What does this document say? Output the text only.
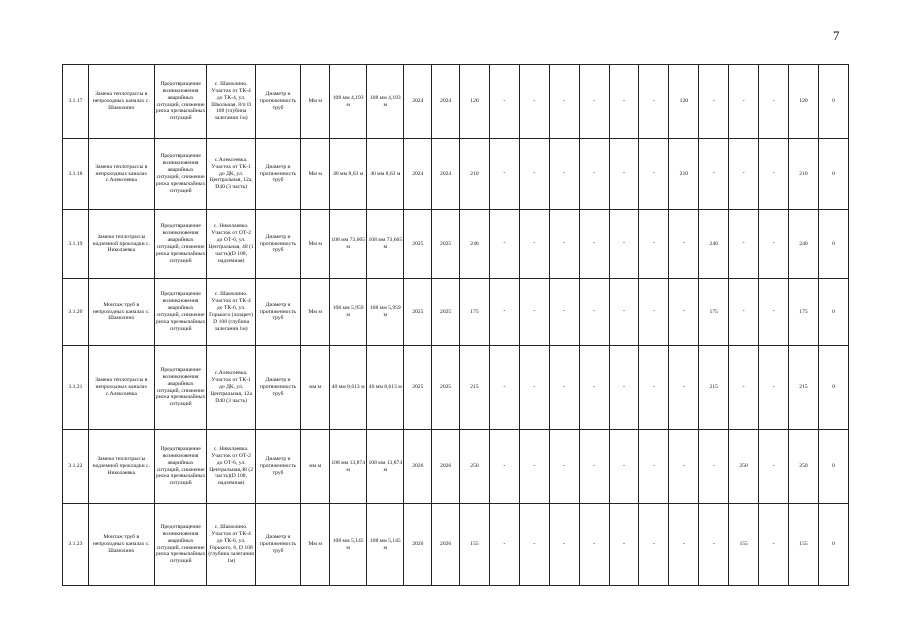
7
3.1.17	Замена теплотрассы в непроходных каналах с. Шамолино	Предотвращение возникновения аварийных ситуаций, снижение риска чрезвычайных ситуаций	с. Шамолино. Участок от ТК-4 до ТК-4, ул. Школьная, 8/п D 108 (глубина залегания 1м)	Диаметр и протяженность труб	Мм м	108 мм 4,193 м	108 мм 4,193 м	2024	2024	120	-	-	-	-	-	-	120	-	-	-	120	0
3.1.18	Замена теплотрассы в непроходных каналах с.Алексеевка	Предотвращение возникновения аварийных ситуаций, снижение риска чрезвычайных ситуаций	с.Алексеевка. Участок от ТК-1 до ДК, ул. Центральная, 12а, D40 (3 часть)	Диаметр и протяженность труб	Мм м	40 мм 8,63 м	40 мм 8,63 м	2024	2024	210	-	-	-	-	-	-	210	-	-	-	210	0
3.1.19	Замена теплотрассы надземной прокладки с. Николаевка	Предотвращение возникновения аварийных ситуаций, снижение риска чрезвычайных ситуаций	с. Николаевка. Участок от ОТ-2 до ОТ-6, ул. Центральная, 48 (1 часть)(D 108, надземная)	Диаметр и протяженность труб	Мм м	108 мм 73,665 м	108 мм 73,665 м	2025	2025	240	-	-	-	-	-	-	-	240	-	-	240	0
3.1.20	Монтаж труб в непроходных каналах с. Шамолино	Предотвращение возникновения аварийных ситуаций, снижение риска чрезвычайных ситуаций	с. Шамолино. Участок от ТК-4 до ТК-6, ул. Горького (лазарет) D 108 (глубина залегания 1м)	Диаметр и протяженность труб	Мм м	108 мм 5,959 м	108 мм 5,959 м	2025	2025	175	-	-	-	-	-	-	-	175	-	-	175	0
3.1.21	Замена теплотрассы в непроходных каналах с.Алексеевка	Предотвращение возникновения аварийных ситуаций, снижение риска чрезвычайных ситуаций	с.Алексеевка. Участок от ТК-1 до ДК, ул. Центральная, 12а D40 (3 часть)	Диаметр и протяженность труб	мм м	40 мм 8,613 м	40 мм 8,613 м	2025	2025	215	-	-	-	-	-	-	-	215	-	-	215	0
3.1.22	Замена теплотрассы надземной прокладки с. Николаевка	Предотвращение возникновения аварийных ситуаций, снижение риска чрезвычайных ситуаций	с. Николаевка. Участок от ОТ-2 до ОТ-6, ул. Центральная,48 (2 часть)(D 108, надземная)	Диаметр и протяженность труб	мм м	108 мм 13,874 м	108 мм 13,874 м	2026	2026	250	-	-	-	-	-	-	-	-	250	-	250	0
3.1.23	Монтаж труб в непроходных каналах с. Шамолино	Предотвращение возникновения аварийных ситуаций, снижение риска чрезвычайных ситуаций	с. Шамолино. Участок от ТК-4 до ТК-6, ул. Горького, 6, D 108 (глубина залегания 1м)	Диаметр и протяженность труб	Мм м	108 мм 5,145 м	108 мм 5,145 м	2026	2026	155	-	-	-	-	-	-	-	-	155	-	155	0
